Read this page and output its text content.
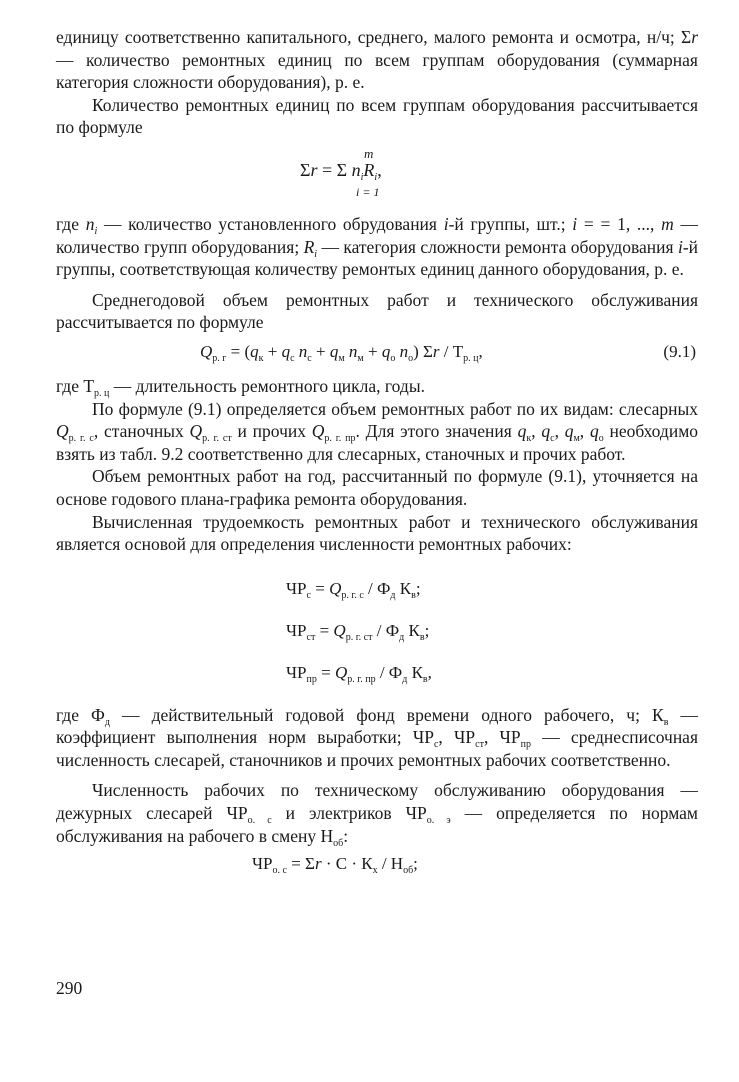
единицу соответственно капитального, среднего, малого ремонта и осмотра, н/ч; Σr — количество ремонтных единиц по всем группам оборудования (суммарная категория сложности оборудования), р. е.

Количество ремонтных единиц по всем группам оборудования рассчитывается по формуле

m
Σr = Σ $n_iR_i$,
i = 1

где $n_i$ — количество установленного обрудования i-й группы, шт.; i = = 1, ..., m — количество групп оборудования; $R_i$ — категория сложности ремонта оборудования i-й группы, соответствующая количеству ремонтых единиц данного оборудования, р. е.

Среднегодовой объем ремонтных работ и технического обслуживания рассчитывается по формуле

$Q_{р. г} = (q_к + q_с$ $n_с + q_м$ $n_м + q_о$ $n_о$) Σr / $Т_{р. ц}$,	(9.1)

где $Т_{р. ц}$ — длительность ремонтного цикла, годы.

По формуле (9.1) определяется объем ремонтных работ по их видам: слесарных $Q_{р. г. с}$, станочных $Q_{р. г. ст}$ и прочих $Q_{р. г. пр}$. Для этого значения $q_к$, $q_с$, $q_м$, $q_о$ необходимо взять из табл. 9.2 соответственно для слесарных, станочных и прочих работ.

Объем ремонтных работ на год, рассчитанный по формуле (9.1), уточняется на основе годового плана-графика ремонта оборудования.

Вычисленная трудоемкость ремонтных работ и технического обслуживания является основой для определения численности ремонтных рабочих:

$ЧР_с = Q_{р. г. с} / Ф_д$ $К_в$;
$ЧР_{ст} = Q_{р. г. ст} / Ф_д$ $К_в$;
$ЧР_{пр} = Q_{р. г. пр} / Ф_д$ $К_в$,

где $Ф_д$ — действительный годовой фонд времени одного рабочего, ч; $К_в$ — коэффициент выполнения норм выработки; $ЧР_с$, $ЧР_{ст}$, $ЧР_{пр}$ — среднесписочная численность слесарей, станочников и прочих ремонтных рабочих соответственно.

Численность рабочих по техническому обслуживанию оборудования — дежурных слесарей $ЧР_{о. с}$ и электриков $ЧР_{о. э}$ — определяется по нормам обслуживания на рабочего в смену $Н_{об}$:

$ЧР_{о. с} = \Sigma r \cdot С \cdot К_х / Н_{об}$;
290
